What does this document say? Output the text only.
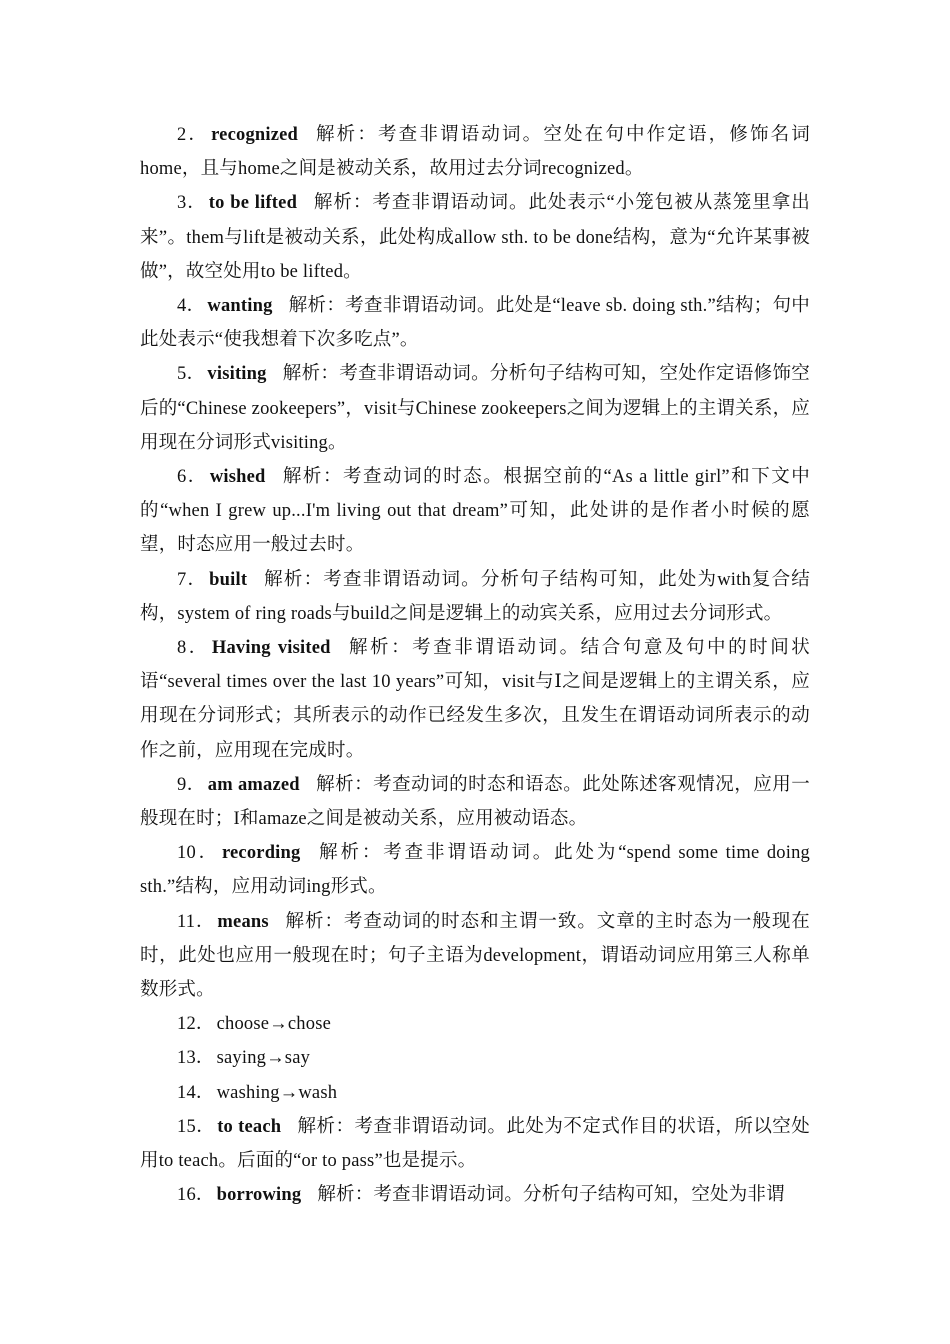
2． recognized 解析：考查非谓语动词。空处在句中作定语，修饰名词home，且与home之间是被动关系，故用过去分词recognized。

3． to be lifted 解析：考查非谓语动词。此处表示“小笼包被从蒸笼里拿出来”。them与lift是被动关系，此处构成allow sth. to be done结构，意为“允许某事被做”，故空处用to be lifted。

4． wanting 解析：考查非谓语动词。此处是“leave sb. doing sth.”结构；句中此处表示“使我想着下次多吃点”。

5． visiting 解析：考查非谓语动词。分析句子结构可知，空处作定语修饰空后的“Chinese zookeepers”，visit与Chinese zookeepers之间为逻辑上的主谓关系，应用现在分词形式visiting。

6． wished 解析：考查动词的时态。根据空前的“As a little girl”和下文中的“when I grew up...I'm living out that dream”可知，此处讲的是作者小时候的愿望，时态应用一般过去时。

7． built 解析：考查非谓语动词。分析句子结构可知，此处为with复合结构，system of ring roads与build之间是逻辑上的动宾关系，应用过去分词形式。

8． Having visited 解析：考查非谓语动词。结合句意及句中的时间状语“several times over the last 10 years”可知，visit与Ⅰ之间是逻辑上的主谓关系，应用现在分词形式；其所表示的动作已经发生多次，且发生在谓语动词所表示的动作之前，应用现在完成时。

9． am amazed 解析：考查动词的时态和语态。此处陈述客观情况，应用一般现在时；I和amaze之间是被动关系，应用被动语态。

10． recording 解析：考查非谓语动词。此处为“spend some time doing sth.”结构，应用动词ing形式。

11． means 解析：考查动词的时态和主谓一致。文章的主时态为一般现在时，此处也应用一般现在时；句子主语为development，谓语动词应用第三人称单数形式。

12． choose→chose

13． saying→say

14． washing→wash

15． to teach 解析：考查非谓语动词。此处为不定式作目的状语，所以空处用to teach。后面的“or to pass”也是提示。

16． borrowing 解析：考查非谓语动词。分析句子结构可知，空处为非谓
